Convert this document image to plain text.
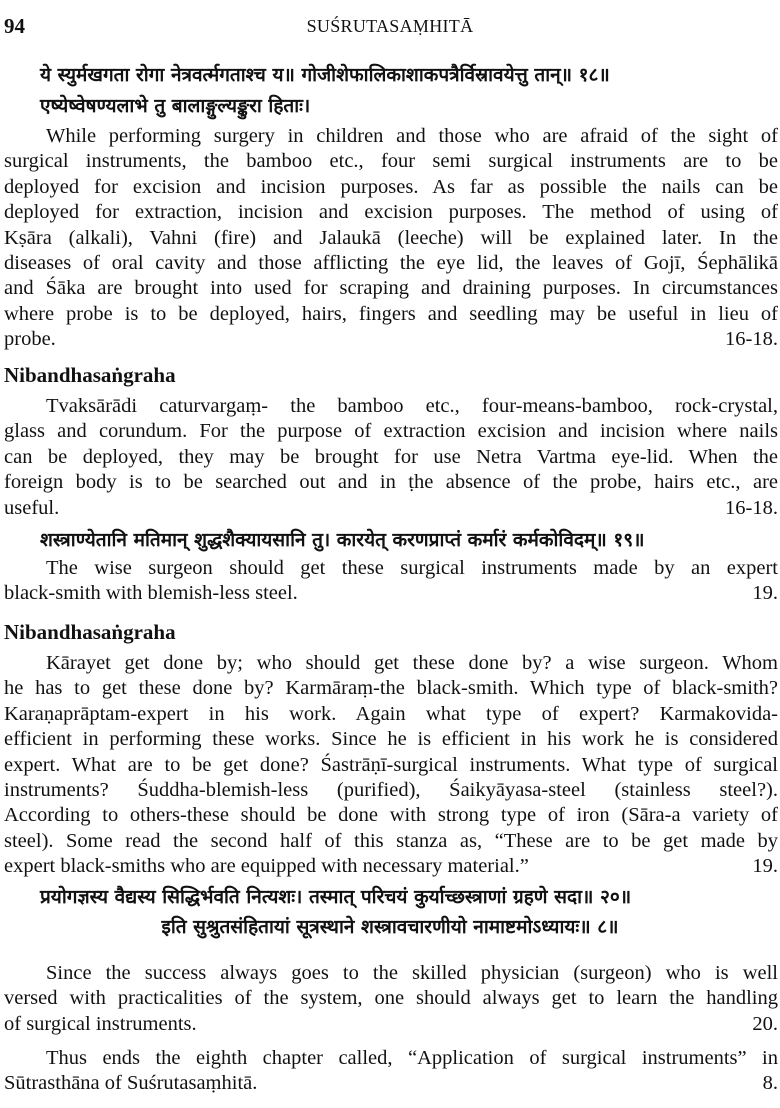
94	SUŚRUTASAṂHITĀ
ये स्युर्मखगता रोगा नेत्रवर्त्मगताश्च य॥ गोजीशेफालिकाशाकपत्रैर्विस्रावयेत्तु तान्॥ १८॥
एष्येष्वेषण्यलाभे तु बालाङ्गुल्यङ्कुरा हिताः।
While performing surgery in children and those who are afraid of the sight of
surgical instruments, the bamboo etc., four semi surgical instruments are to be
deployed for excision and incision purposes. As far as possible the nails can be
deployed for extraction, incision and excision purposes. The method of using of
Kṣāra (alkali), Vahni (fire) and Jalaukā (leeche) will be explained later. In the
diseases of oral cavity and those afflicting the eye lid, the leaves of Gojī, Śephālikā
and Śāka are brought into used for scraping and draining purposes. In circumstances
where probe is to be deployed, hairs, fingers and seedling may be useful in lieu of
probe.	16-18.
Nibandhasaṅgraha
Tvaksārādi caturvargaṃ- the bamboo etc., four-means-bamboo, rock-crystal,
glass and corundum. For the purpose of extraction excision and incision where nails
can be deployed, they may be brought for use Netra Vartma eye-lid. When the
foreign body is to be searched out and in ṭhe absence of the probe, hairs etc., are
useful.	16-18.
शस्त्राण्येतानि मतिमान् शुद्धशैक्यायसानि तु। कारयेत् करणप्राप्तं कर्मारं कर्मकोविदम्॥ १९॥
The wise surgeon should get these surgical instruments made by an expert
black-smith with blemish-less steel.	19.
Nibandhasaṅgraha
Kārayet get done by; who should get these done by? a wise surgeon. Whom
he has to get these done by? Karmāraṃ-the black-smith. Which type of black-smith?
Karaṇaprāptam-expert in his work. Again what type of expert? Karmakovida-
efficient in performing these works. Since he is efficient in his work he is considered
expert. What are to be get done? Śastrāṇī-surgical instruments. What type of surgical
instruments? Śuddha-blemish-less (purified), Śaikyāyasa-steel (stainless steel?).
According to others-these should be done with strong type of iron (Sāra-a variety of
steel). Some read the second half of this stanza as, “These are to be get made by
expert black-smiths who are equipped with necessary material.”	19.
प्रयोगज्ञस्य वैद्यस्य सिद्धिर्भवति नित्यशः। तस्मात् परिचयं कुर्याच्छस्त्राणां ग्रहणे सदा॥ २०॥
इति सुश्रुतसंहितायां सूत्रस्थाने शस्त्रावचारणीयो नामाष्टमोऽध्यायः॥ ८॥
Since the success always goes to the skilled physician (surgeon) who is well
versed with practicalities of the system, one should always get to learn the handling
of surgical instruments.	20.
Thus ends the eighth chapter called, “Application of surgical instruments” in
Sūtrasthāna of Suśrutasaṃhitā.	8.
